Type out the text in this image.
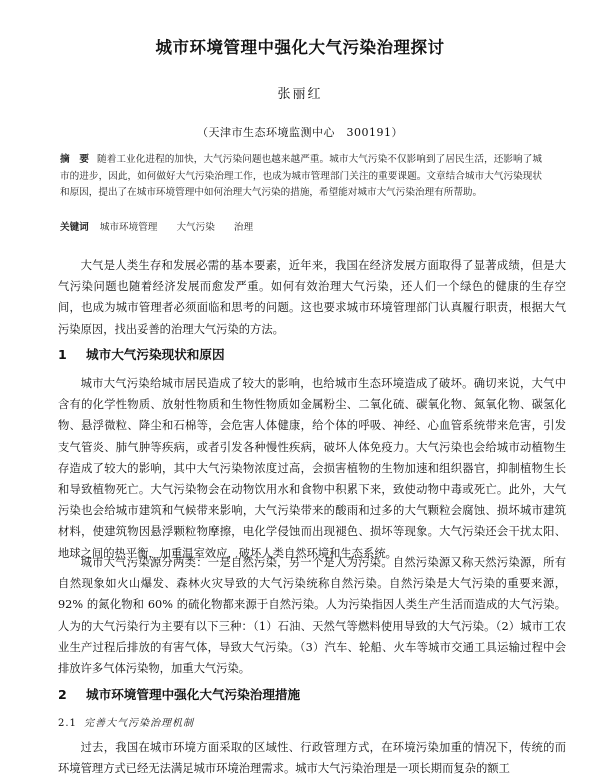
城市环境管理中强化大气污染治理探讨
张丽红
（天津市生态环境监测中心　300191）
摘　要 随着工业化进程的加快，大气污染问题也越来越严重。城市大气污染不仅影响到了居民生活，还影响了城市的进步，因此，如何做好大气污染治理工作，也成为城市管理部门关注的重要课题。文章结合城市大气污染现状和原因，提出了在城市环境管理中如何治理大气污染的措施，希望能对城市大气污染治理有所帮助。
关键词 城市环境管理 大气污染 治理

大气是人类生存和发展必需的基本要素，近年来，我国在经济发展方面取得了显著成绩，但是大气污染问题也随着经济发展而愈发严重。如何有效治理大气污染，还人们一个绿色的健康的生存空间，也成为城市管理者必须面临和思考的问题。这也要求城市环境管理部门认真履行职责，根据大气污染原因，找出妥善的治理大气污染的方法。

1 城市大气污染现状和原因

城市大气污染给城市居民造成了较大的影响，也给城市生态环境造成了破坏。确切来说，大气中含有的化学性物质、放射性物质和生物性物质如金属粉尘、二氧化硫、碳氧化物、氮氧化物、碳氢化物、悬浮微粒、降尘和石棉等，会危害人体健康，给个体的呼吸、神经、心血管系统带来危害，引发支气管炎、肺气肿等疾病，或者引发各种慢性疾病，破坏人体免疫力。大气污染也会给城市动植物生存造成了较大的影响，其中大气污染物浓度过高，会损害植物的生物加速和组织器官，抑制植物生长和导致植物死亡。大气污染物会在动物饮用水和食物中积累下来，致使动物中毒或死亡。此外，大气污染也会给城市建筑和气候带来影响，大气污染带来的酸雨和过多的大气颗粒会腐蚀、损坏城市建筑材料，使建筑物因悬浮颗粒物摩擦，电化学侵蚀而出现褪色、损坏等现象。大气污染还会干扰太阳、地球之间的热平衡，加重温室效应，破坏人类自然环境和生态系统。

城市大气污染源分两类：一是自然污染，另一个是人为污染。自然污染源又称天然污染源，所有自然现象如火山爆发、森林火灾导致的大气污染统称自然污染。自然污染是大气污染的重要来源，92% 的氮化物和 60% 的硫化物都来源于自然污染。人为污染指因人类生产生活而造成的大气污染。人为的大气污染行为主要有以下三种：（1）石油、天然气等燃料使用导致的大气污染。（2）城市工农业生产过程后排放的有害气体，导致大气污染。（3）汽车、轮船、火车等城市交通工具运输过程中会排放许多气体污染物，加重大气污染。

2 城市环境管理中强化大气污染治理措施
2.1 完善大气污染治理机制

过去，我国在城市环境方面采取的区域性、行政管理方式，在环境污染加重的情况下，传统的而环境管理方式已经无法满足城市环境治理需求。城市大气污染治理是一项长期而复杂的额工
